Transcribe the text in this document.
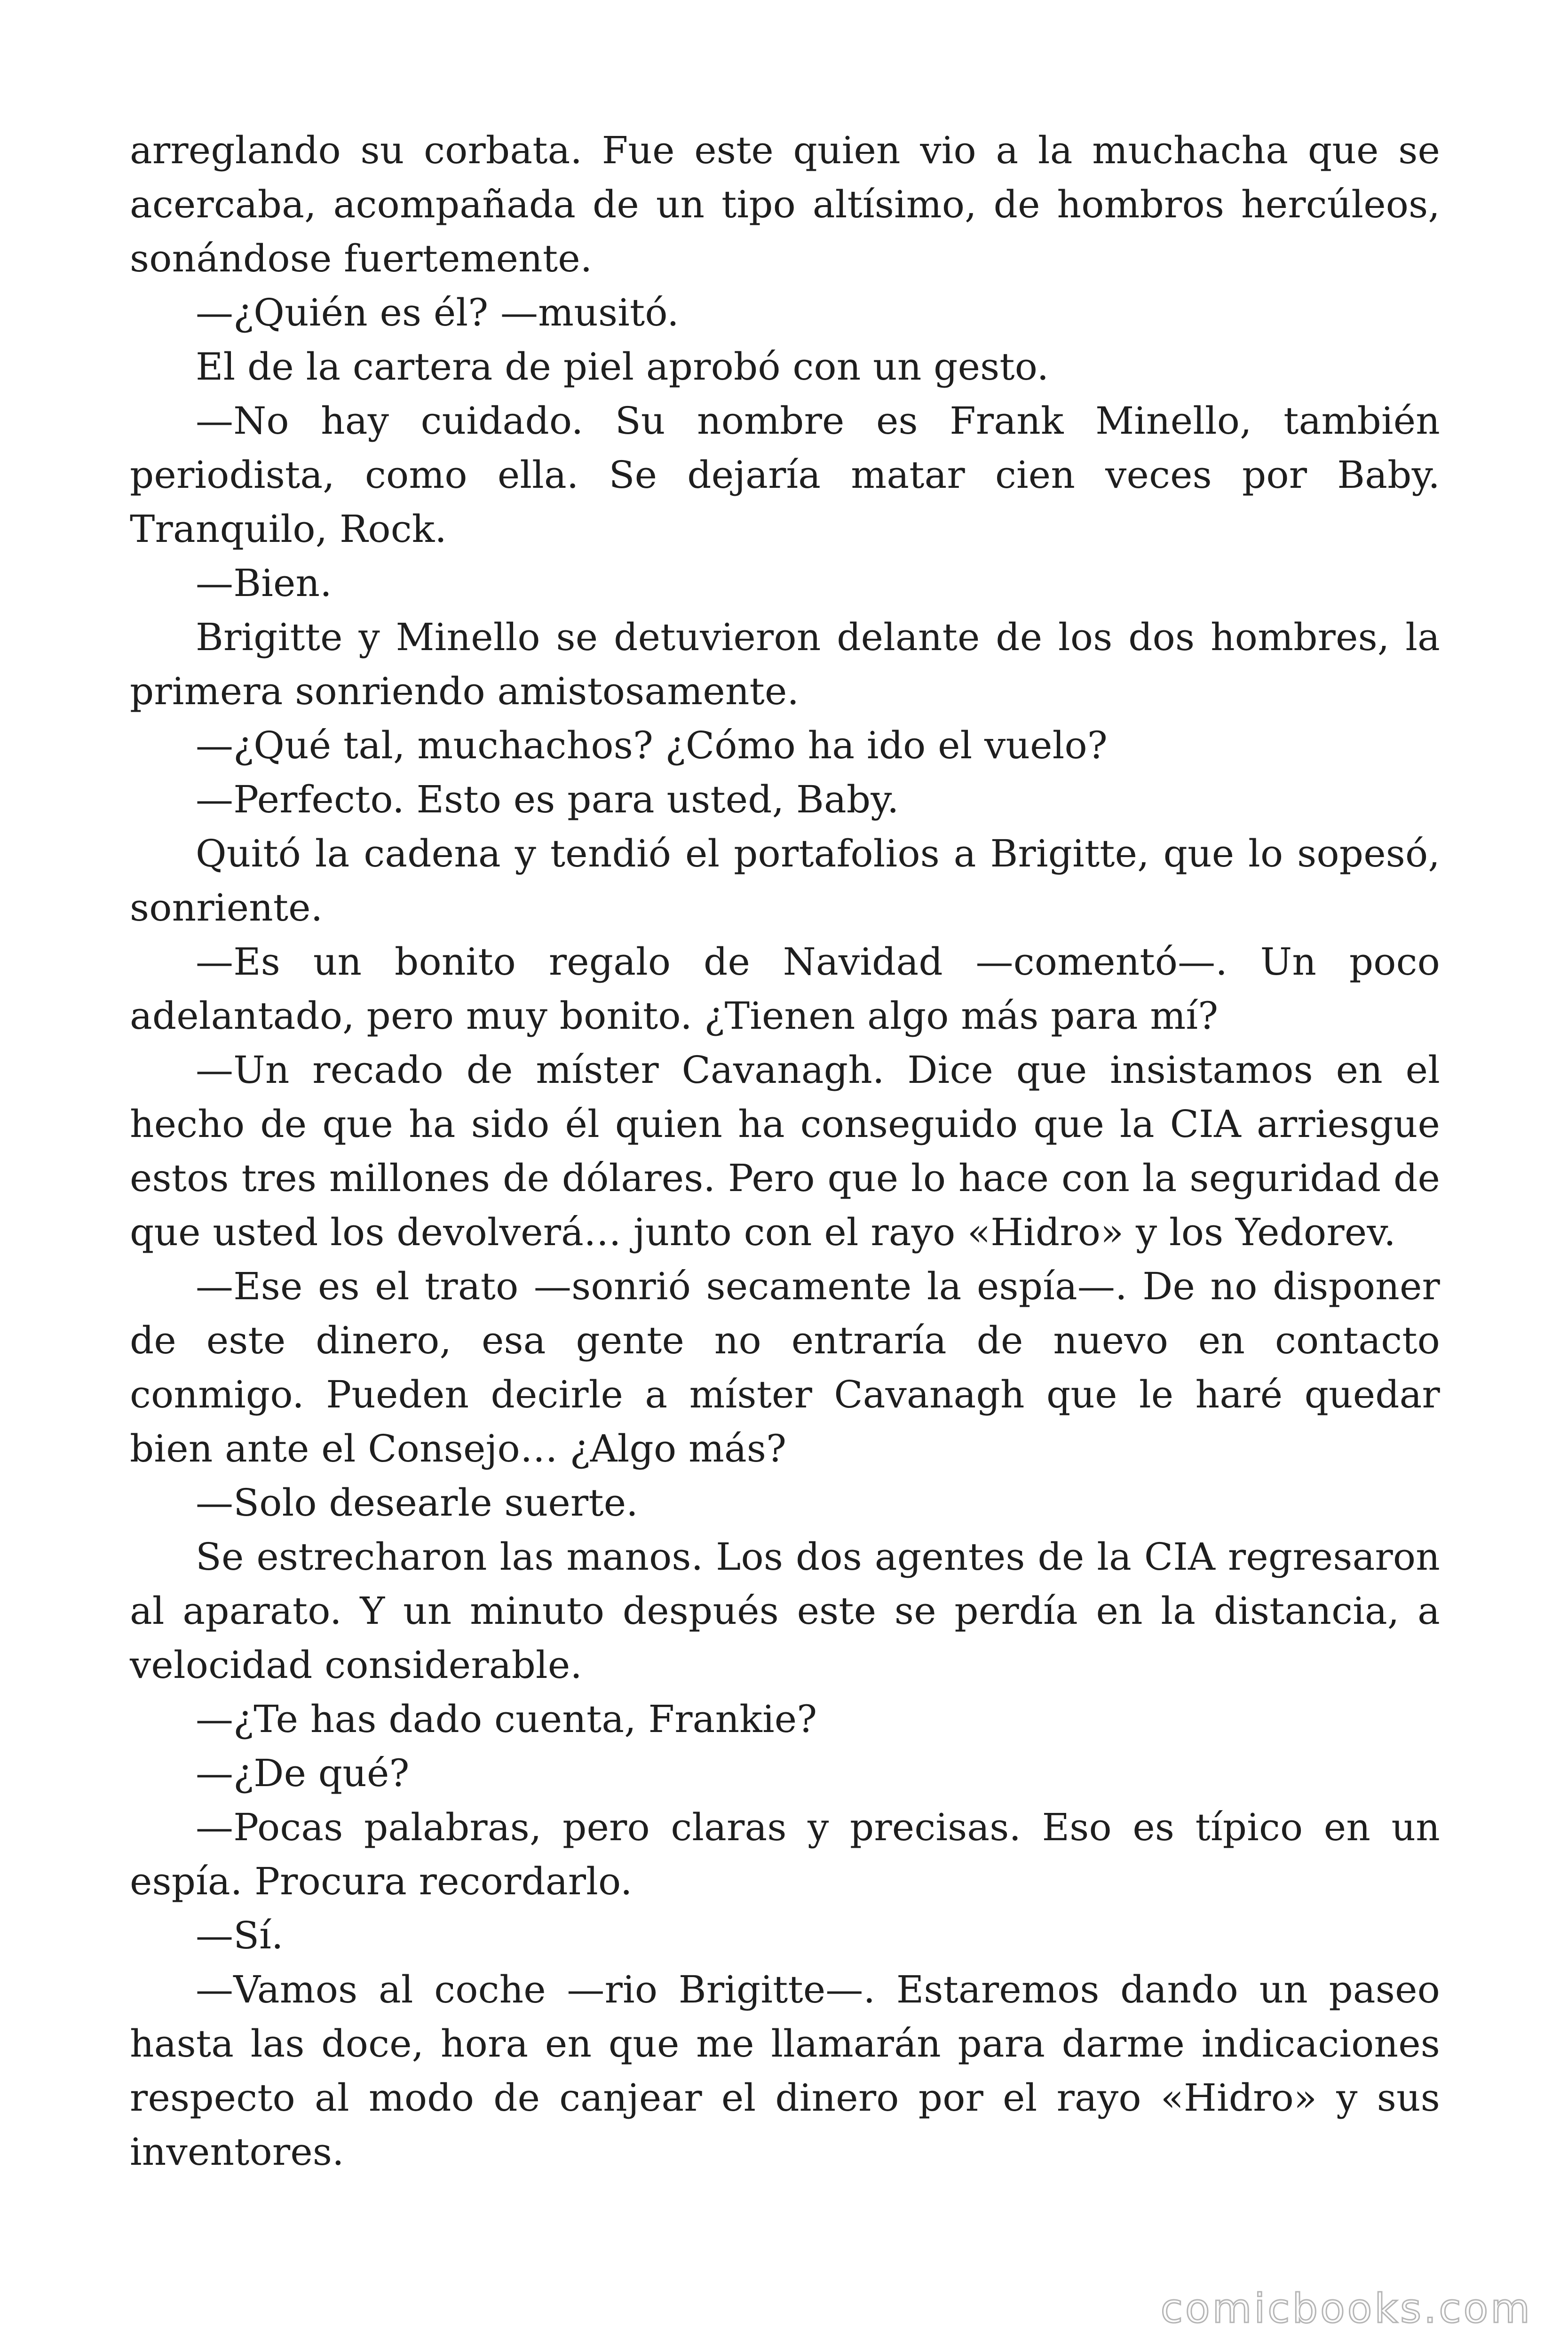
arreglando su corbata. Fue este quien vio a la muchacha que se acercaba, acompañada de un tipo altísimo, de hombros hercúleos, sonándose fuertemente.

—¿Quién es él? —musitó.

El de la cartera de piel aprobó con un gesto.

—No hay cuidado. Su nombre es Frank Minello, también periodista, como ella. Se dejaría matar cien veces por Baby. Tranquilo, Rock.

—Bien.

Brigitte y Minello se detuvieron delante de los dos hombres, la primera sonriendo amistosamente.

—¿Qué tal, muchachos? ¿Cómo ha ido el vuelo?

—Perfecto. Esto es para usted, Baby.

Quitó la cadena y tendió el portafolios a Brigitte, que lo sopesó, sonriente.

—Es un bonito regalo de Navidad —comentó—. Un poco adelantado, pero muy bonito. ¿Tienen algo más para mí?

—Un recado de míster Cavanagh. Dice que insistamos en el hecho de que ha sido él quien ha conseguido que la CIA arriesgue estos tres millones de dólares. Pero que lo hace con la seguridad de que usted los devolverá… junto con el rayo «Hidro» y los Yedorev.

—Ese es el trato —sonrió secamente la espía—. De no disponer de este dinero, esa gente no entraría de nuevo en contacto conmigo. Pueden decirle a míster Cavanagh que le haré quedar bien ante el Consejo… ¿Algo más?

—Solo desearle suerte.

Se estrecharon las manos. Los dos agentes de la CIA regresaron al aparato. Y un minuto después este se perdía en la distancia, a velocidad considerable.

—¿Te has dado cuenta, Frankie?

—¿De qué?

—Pocas palabras, pero claras y precisas. Eso es típico en un espía. Procura recordarlo.

—Sí.

—Vamos al coche —rio Brigitte—. Estaremos dando un paseo hasta las doce, hora en que me llamarán para darme indicaciones respecto al modo de canjear el dinero por el rayo «Hidro» y sus inventores.

comicbooks.com
